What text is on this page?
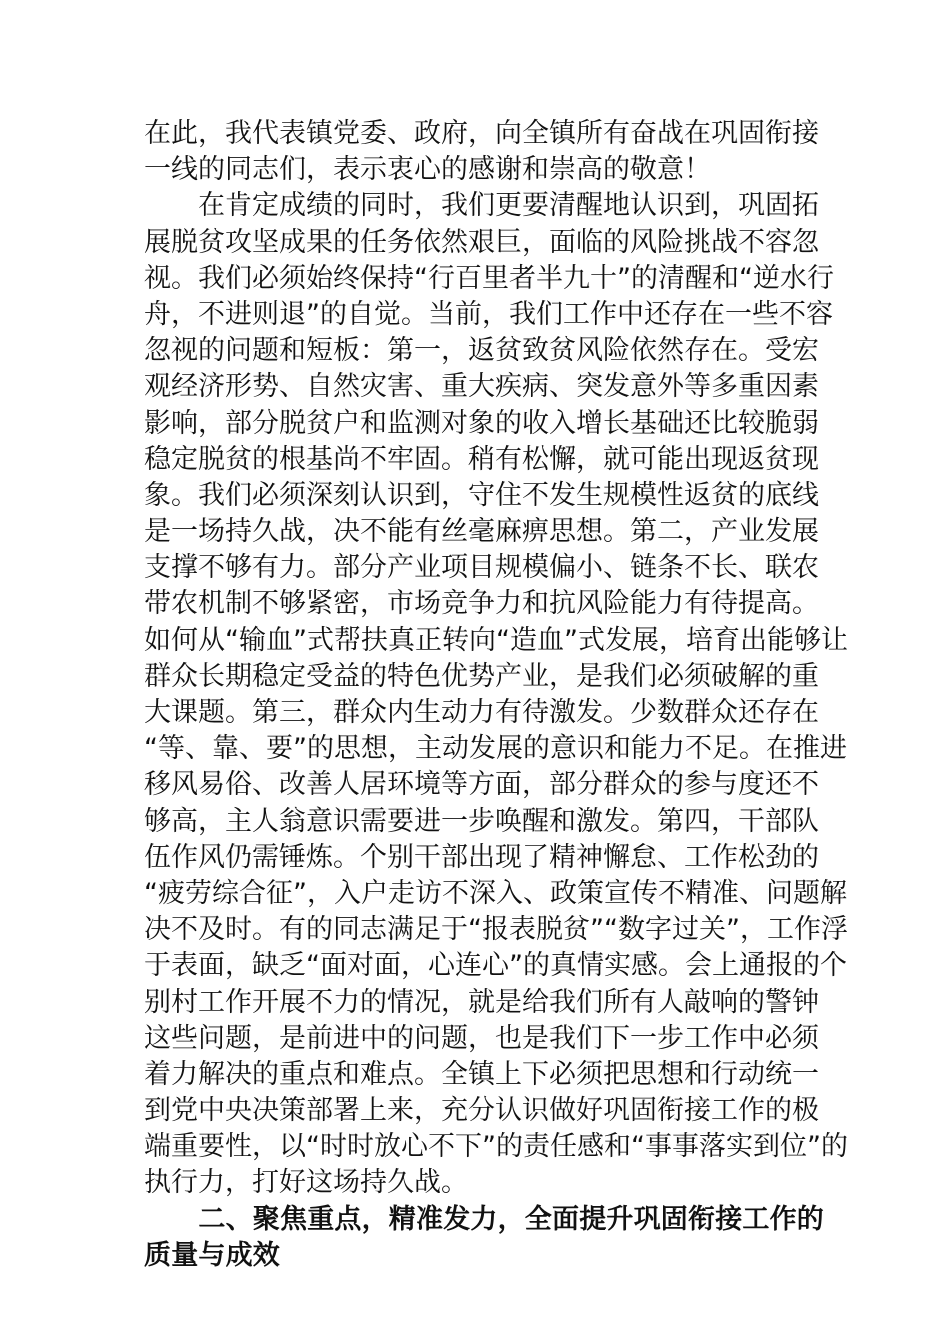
在此，我代表镇党委、政府，向全镇所有奋战在巩固衔接
一线的同志们，表示衷心的感谢和崇高的敬意！
　　在肯定成绩的同时，我们更要清醒地认识到，巩固拓
展脱贫攻坚成果的任务依然艰巨，面临的风险挑战不容忽
视。我们必须始终保持“行百里者半九十”的清醒和“逆水行
舟，不进则退”的自觉。当前，我们工作中还存在一些不容
忽视的问题和短板：第一，返贫致贫风险依然存在。受宏
观经济形势、自然灾害、重大疾病、突发意外等多重因素
影响，部分脱贫户和监测对象的收入增长基础还比较脆弱
稳定脱贫的根基尚不牢固。稍有松懈，就可能出现返贫现
象。我们必须深刻认识到，守住不发生规模性返贫的底线
是一场持久战，决不能有丝毫麻痹思想。第二，产业发展
支撑不够有力。部分产业项目规模偏小、链条不长、联农
带农机制不够紧密，市场竞争力和抗风险能力有待提高。
如何从“输血”式帮扶真正转向“造血”式发展，培育出能够让
群众长期稳定受益的特色优势产业，是我们必须破解的重
大课题。第三，群众内生动力有待激发。少数群众还存在
“等、靠、要”的思想，主动发展的意识和能力不足。在推进
移风易俗、改善人居环境等方面，部分群众的参与度还不
够高，主人翁意识需要进一步唤醒和激发。第四，干部队
伍作风仍需锤炼。个别干部出现了精神懈怠、工作松劲的
“疲劳综合征”，入户走访不深入、政策宣传不精准、问题解
决不及时。有的同志满足于“报表脱贫”“数字过关”，工作浮
于表面，缺乏“面对面，心连心”的真情实感。会上通报的个
别村工作开展不力的情况，就是给我们所有人敲响的警钟
这些问题，是前进中的问题，也是我们下一步工作中必须
着力解决的重点和难点。全镇上下必须把思想和行动统一
到党中央决策部署上来，充分认识做好巩固衔接工作的极
端重要性，以“时时放心不下”的责任感和“事事落实到位”的
执行力，打好这场持久战。
　　二、聚焦重点，精准发力，全面提升巩固衔接工作的
质量与成效
